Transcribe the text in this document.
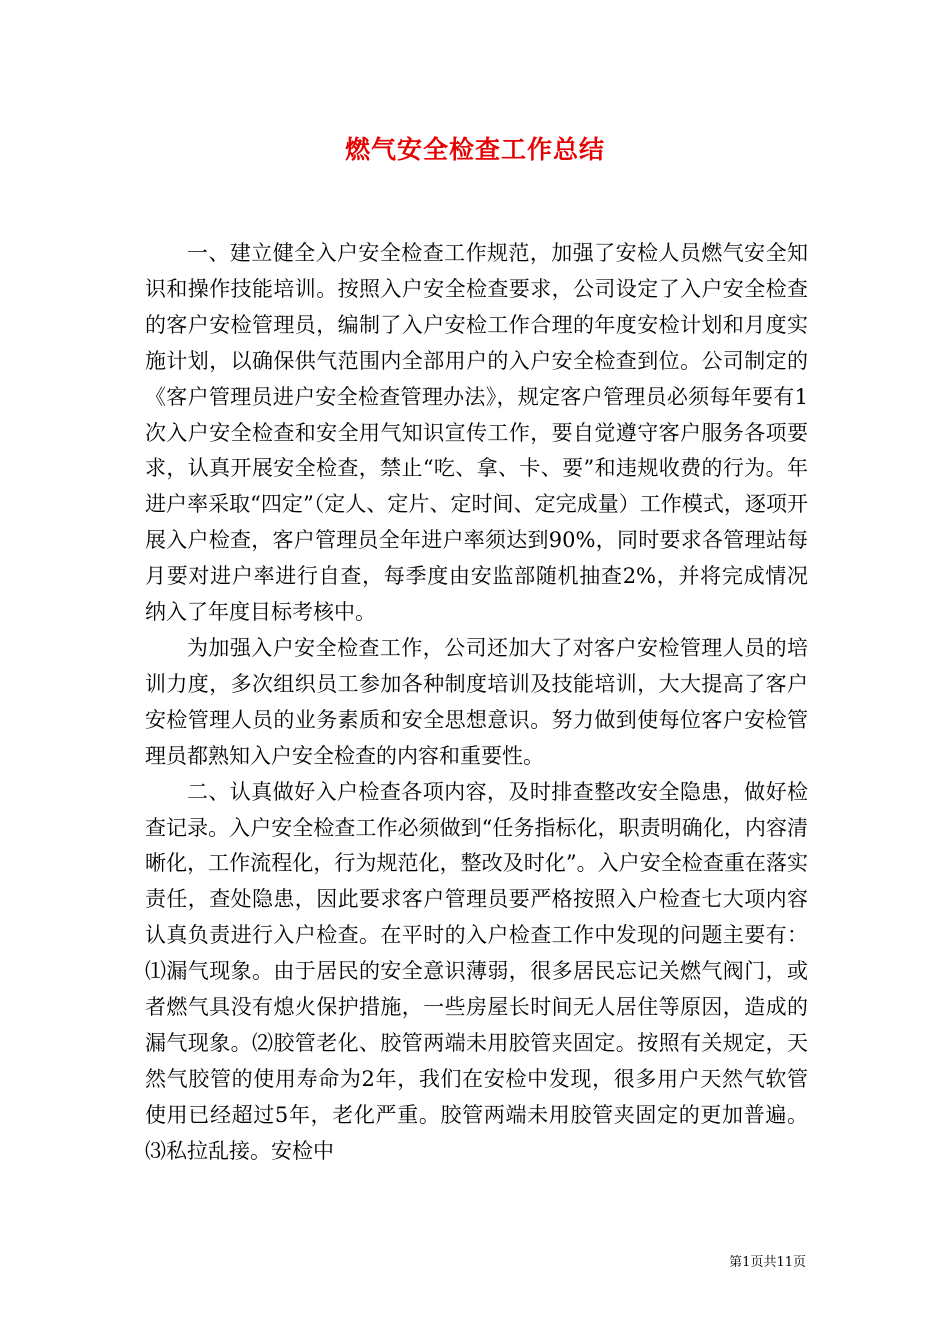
燃气安全检查工作总结

一、建立健全入户安全检查工作规范，加强了安检人员燃气安全知识和操作技能培训。按照入户安全检查要求，公司设定了入户安全检查的客户安检管理员，编制了入户安检工作合理的年度安检计划和月度实施计划，以确保供气范围内全部用户的入户安全检查到位。公司制定的《客户管理员进户安全检查管理办法》，规定客户管理员必须每年要有1次入户安全检查和安全用气知识宣传工作，要自觉遵守客户服务各项要求，认真开展安全检查，禁止“吃、拿、卡、要”和违规收费的行为。年进户率采取“四定”（定人、定片、定时间、定完成量）工作模式，逐项开展入户检查，客户管理员全年进户率须达到90%，同时要求各管理站每月要对进户率进行自查，每季度由安监部随机抽查2%，并将完成情况纳入了年度目标考核中。

为加强入户安全检查工作，公司还加大了对客户安检管理人员的培训力度，多次组织员工参加各种制度培训及技能培训，大大提高了客户安检管理人员的业务素质和安全思想意识。努力做到使每位客户安检管理员都熟知入户安全检查的内容和重要性。

二、认真做好入户检查各项内容，及时排查整改安全隐患，做好检查记录。入户安全检查工作必须做到“任务指标化，职责明确化，内容清晰化，工作流程化，行为规范化，整改及时化”。入户安全检查重在落实责任，查处隐患，因此要求客户管理员要严格按照入户检查七大项内容认真负责进行入户检查。在平时的入户检查工作中发现的问题主要有：⑴漏气现象。由于居民的安全意识薄弱，很多居民忘记关燃气阀门，或者燃气具没有熄火保护措施，一些房屋长时间无人居住等原因，造成的漏气现象。⑵胶管老化、胶管两端未用胶管夹固定。按照有关规定，天然气胶管的使用寿命为2年，我们在安检中发现，很多用户天然气软管使用已经超过5年，老化严重。胶管两端未用胶管夹固定的更加普遍。⑶私拉乱接。安检中

第1页共11页
